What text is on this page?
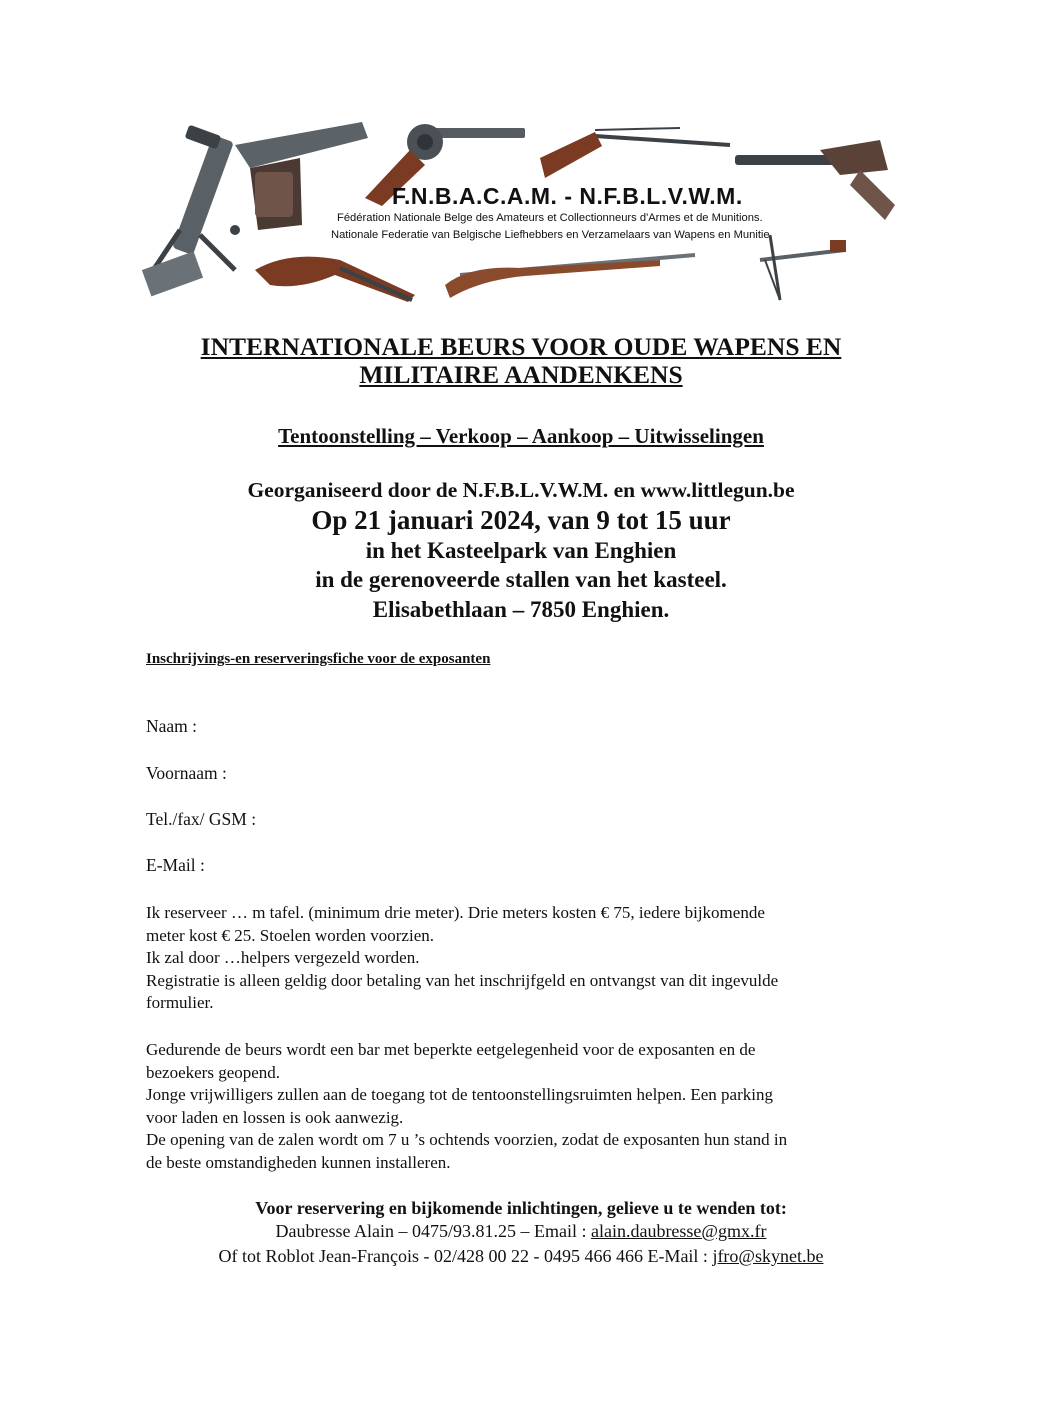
F.N.B.A.C.A.M. - N.F.B.L.V.W.M.
Fédération Nationale Belge des Amateurs et Collectionneurs d'Armes et de Munitions.
Nationale Federatie van Belgische Liefhebbers en Verzamelaars van Wapens en Munitie
INTERNATIONALE BEURS VOOR OUDE WAPENS EN
MILITAIRE AANDENKENS
Tentoonstelling – Verkoop – Aankoop – Uitwisselingen
Georganiseerd door de N.F.B.L.V.W.M. en www.littlegun.be
Op 21 januari 2024, van 9 tot 15 uur
in het Kasteelpark van Enghien
in de gerenoveerde stallen van het kasteel.
Elisabethlaan – 7850 Enghien.
Inschrijvings-en reserveringsfiche voor de exposanten
Naam :
Voornaam :
Tel./fax/ GSM :
E-Mail :
Ik reserveer … m tafel. (minimum drie meter). Drie meters kosten € 75, iedere bijkomende
meter kost € 25. Stoelen worden voorzien.
Ik zal door …helpers vergezeld worden.
Registratie is alleen geldig door betaling van het inschrijfgeld en ontvangst van dit ingevulde
formulier.
Gedurende de beurs wordt een bar met beperkte eetgelegenheid voor de exposanten en de
bezoekers geopend.
Jonge vrijwilligers zullen aan de toegang tot de tentoonstellingsruimten helpen. Een parking
voor laden en lossen is ook aanwezig.
De opening van de zalen wordt om 7 u ’s ochtends voorzien, zodat de exposanten hun stand in
de beste omstandigheden kunnen installeren.
Voor reservering en bijkomende inlichtingen, gelieve u te wenden tot:
Daubresse Alain – 0475/93.81.25 – Email : alain.daubresse@gmx.fr
Of tot Roblot Jean-François - 02/428 00 22 - 0495 466 466 E-Mail : jfro@skynet.be
